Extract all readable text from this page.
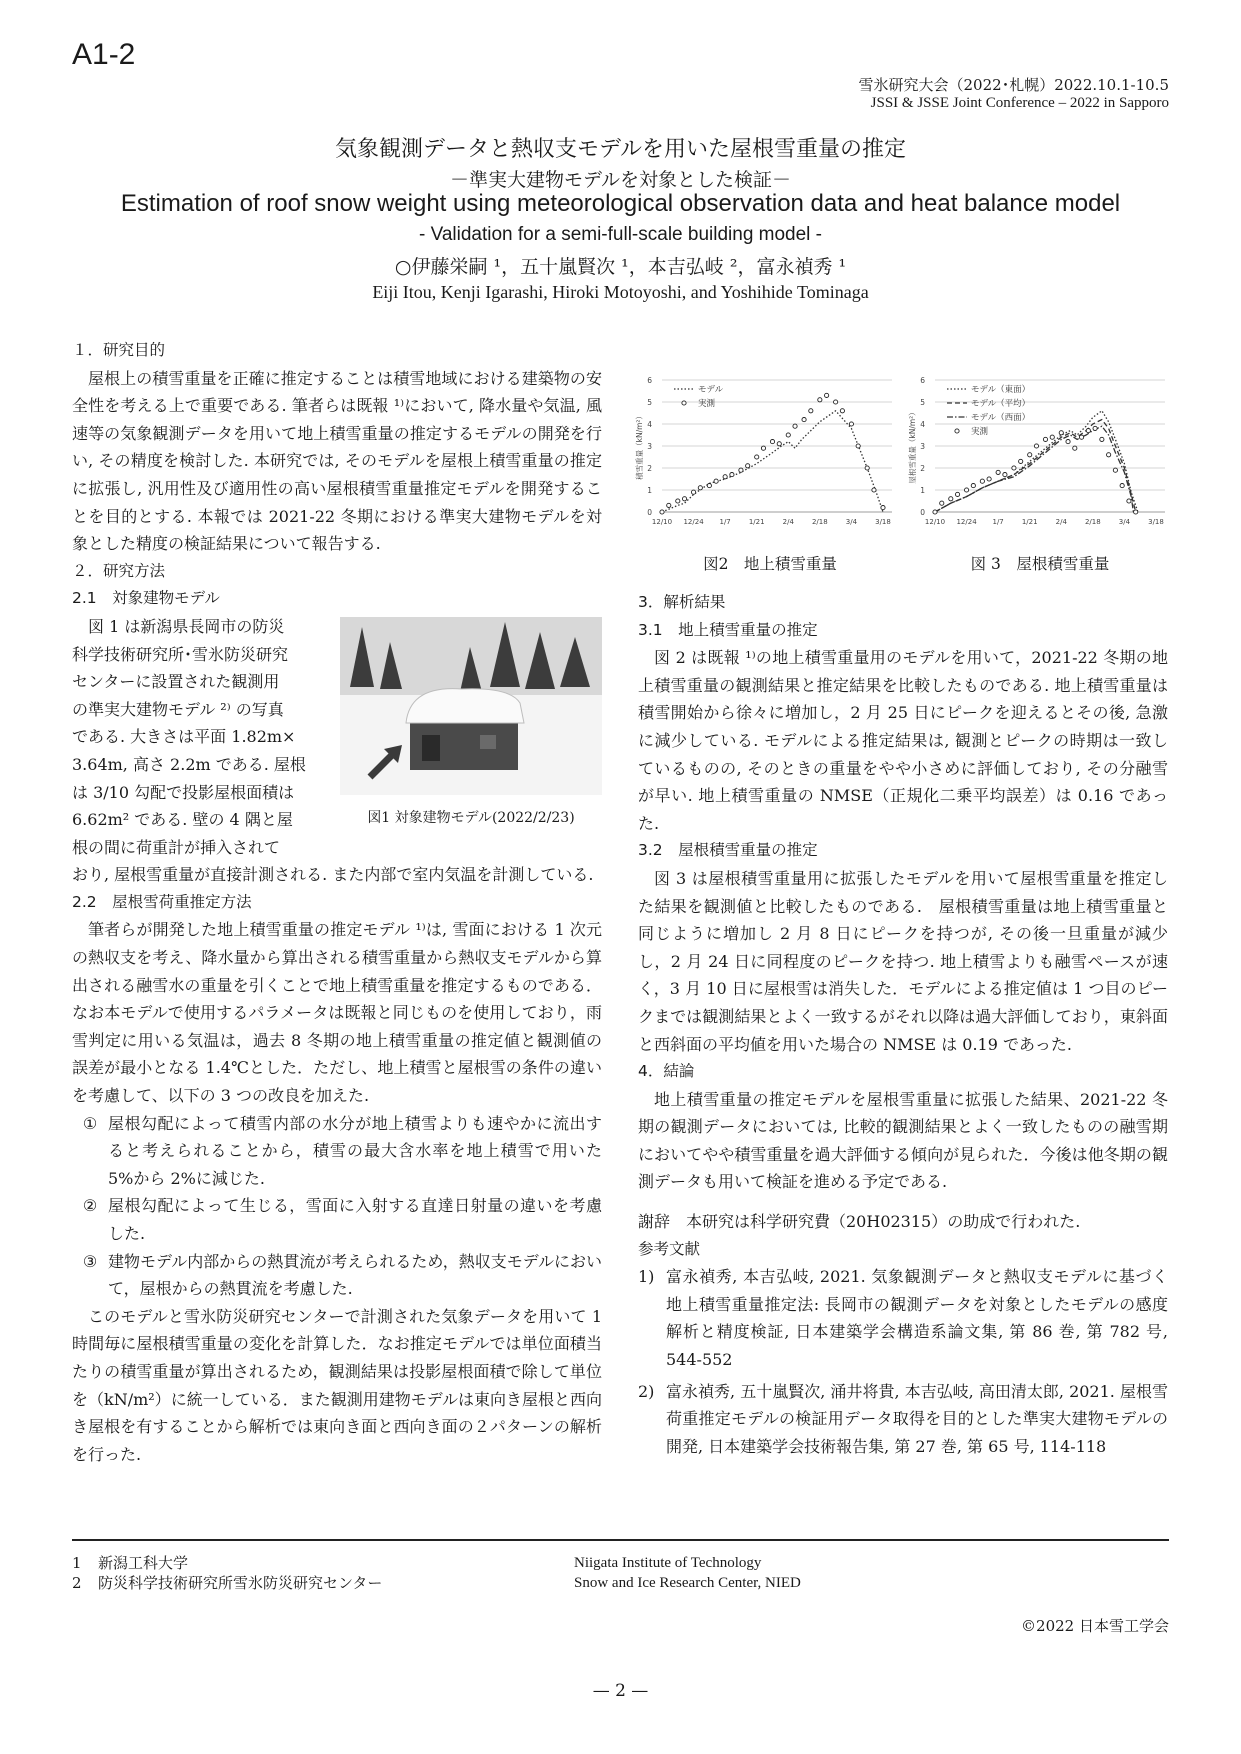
A1-2
雪氷研究大会（2022･札幌）2022.10.1‐10.5
JSSI & JSSE Joint Conference – 2022 in Sapporo
気象観測データと熱収支モデルを用いた屋根雪重量の推定
－準実大建物モデルを対象とした検証－
Estimation of roof snow weight using meteorological observation data and heat balance model
- Validation for a semi-full-scale building model -
○伊藤栄嗣 ¹，五十嵐賢次 ¹，本吉弘岐 ²，富永禎秀 ¹
Eiji Itou, Kenji Igarashi, Hiroki Motoyoshi, and Yoshihide Tominaga
１．研究目的
屋根上の積雪重量を正確に推定することは積雪地域における建築物の安全性を考える上で重要である. 筆者らは既報 ¹⁾において, 降水量や気温, 風速等の気象観測データを用いて地上積雪重量の推定するモデルの開発を行い, その精度を検討した. 本研究では, そのモデルを屋根上積雪重量の推定に拡張し, 汎用性及び適用性の高い屋根積雪重量推定モデルを開発することを目的とする. 本報では 2021-22 冬期における準実大建物モデルを対象とした精度の検証結果について報告する.
２．研究方法
2.1　対象建物モデル
図 1 は新潟県長岡市の防災
科学技術研究所･雪氷防災研究
センターに設置された観測用
の準実大建物モデル ²⁾ の写真
である. 大きさは平面 1.82m×
3.64m, 高さ 2.2m である. 屋根
は 3/10 勾配で投影屋根面積は
6.62m² である. 壁の 4 隅と屋
根の間に荷重計が挿入されて
図1 対象建物モデル(2022/2/23)
おり, 屋根雪重量が直接計測される. また内部で室内気温を計測している.
2.2　屋根雪荷重推定方法
筆者らが開発した地上積雪重量の推定モデル ¹⁾は, 雪面における 1 次元の熱収支を考え、降水量から算出される積雪重量から熱収支モデルから算出される融雪水の重量を引くことで地上積雪重量を推定するものである．なお本モデルで使用するパラメータは既報と同じものを使用しており，雨雪判定に用いる気温は，過去 8 冬期の地上積雪重量の推定値と観測値の誤差が最小となる 1.4℃とした．ただし、地上積雪と屋根雪の条件の違いを考慮して、以下の 3 つの改良を加えた.
① 屋根勾配によって積雪内部の水分が地上積雪よりも速やかに流出すると考えられることから，積雪の最大含水率を地上積雪で用いた 5%から 2%に減じた.
② 屋根勾配によって生じる，雪面に入射する直達日射量の違いを考慮した.
③ 建物モデル内部からの熱貫流が考えられるため，熱収支モデルにおいて，屋根からの熱貫流を考慮した.
このモデルと雪氷防災研究センターで計測された気象データを用いて 1 時間毎に屋根積雪重量の変化を計算した．なお推定モデルでは単位面積当たりの積雪重量が算出されるため，観測結果は投影屋根面積で除して単位を（kN/m²）に統一している．また観測用建物モデルは東向き屋根と西向き屋根を有することから解析では東向き面と西向き面の２パターンの解析を行った.
0
1
2
3
4
5
6
12/10 12/24 1/7	1/21	2/4	2/18	3/4	3/18
積雪重量（kN/m²）
モデル
実測
0
1
2
3
4
5
6
12/10 12/24 1/7	1/21	2/4	2/18	3/4	3/18
屋根雪重量（kN/m²）
モデル（東面）
モデル（平均）
モデル（西面）
実測
図2　地上積雪重量	図 3　屋根積雪重量
3．解析結果
3.1　地上積雪重量の推定
図 2 は既報 ¹⁾の地上積雪重量用のモデルを用いて，2021-22 冬期の地上積雪重量の観測結果と推定結果を比較したものである. 地上積雪重量は積雪開始から徐々に増加し，2 月 25 日にピークを迎えるとその後, 急激に減少している. モデルによる推定結果は, 観測とピークの時期は一致しているものの, そのときの重量をやや小さめに評価しており, その分融雪が早い. 地上積雪重量の NMSE（正規化二乗平均誤差）は 0.16 であった.
3.2　屋根積雪重量の推定
図 3 は屋根積雪重量用に拡張したモデルを用いて屋根雪重量を推定した結果を観測値と比較したものである.　屋根積雪重量は地上積雪重量と同じように増加し 2 月 8 日にピークを持つが, その後一旦重量が減少し，2 月 24 日に同程度のピークを持つ. 地上積雪よりも融雪ペースが速く，3 月 10 日に屋根雪は消失した．モデルによる推定値は 1 つ目のピークまでは観測結果とよく一致するがそれ以降は過大評価しており，東斜面と西斜面の平均値を用いた場合の NMSE は 0.19 であった.
4．結論
地上積雪重量の推定モデルを屋根雪重量に拡張した結果、2021-22 冬期の観測データにおいては, 比較的観測結果とよく一致したものの融雪期においてやや積雪重量を過大評価する傾向が見られた．今後は他冬期の観測データも用いて検証を進める予定である.
謝辞　本研究は科学研究費（20H02315）の助成で行われた.
参考文献
1) 富永禎秀, 本吉弘岐, 2021. 気象観測データと熱収支モデルに基づく地上積雪重量推定法: 長岡市の観測データを対象としたモデルの感度解析と精度検証, 日本建築学会構造系論文集, 第 86 巻, 第 782 号, 544-552
2) 富永禎秀, 五十嵐賢次, 涌井将貴, 本吉弘岐, 高田清太郎, 2021. 屋根雪荷重推定モデルの検証用データ取得を目的とした準実大建物モデルの開発, 日本建築学会技術報告集, 第 27 巻, 第 65 号, 114-118
1 新潟工科大学
2 防災科学技術研究所雪氷防災研究センター
Niigata Institute of Technology
Snow and Ice Research Center, NIED
©2022 日本雪工学会
— 2 —
